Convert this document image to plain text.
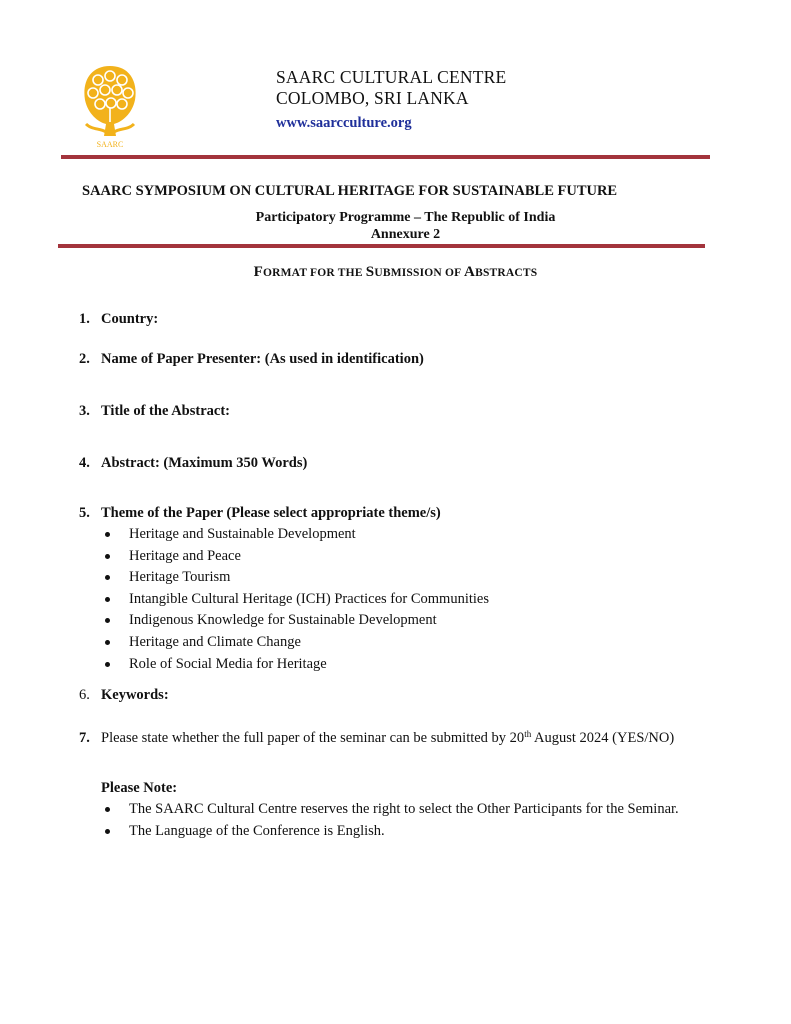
SAARC
SAARC CULTURAL CENTRE
COLOMBO, SRI LANKA
www.saarcculture.org
SAARC SYMPOSIUM ON CULTURAL HERITAGE FOR SUSTAINABLE FUTURE
Participatory Programme – The Republic of India
Annexure 2
FORMAT FOR THE SUBMISSION OF ABSTRACTS
1. Country:
2. Name of Paper Presenter: (As used in identification)
3. Title of the Abstract:
4. Abstract: (Maximum 350 Words)
5. Theme of the Paper (Please select appropriate theme/s)
Heritage and Sustainable Development
Heritage and Peace
Heritage Tourism
Intangible Cultural Heritage (ICH) Practices for Communities
Indigenous Knowledge for Sustainable Development
Heritage and Climate Change
Role of Social Media for Heritage
6. Keywords:
7. Please state whether the full paper of the seminar can be submitted by 20th August 2024 (YES/NO)
Please Note:
The SAARC Cultural Centre reserves the right to select the Other Participants for the Seminar.
The Language of the Conference is English.
